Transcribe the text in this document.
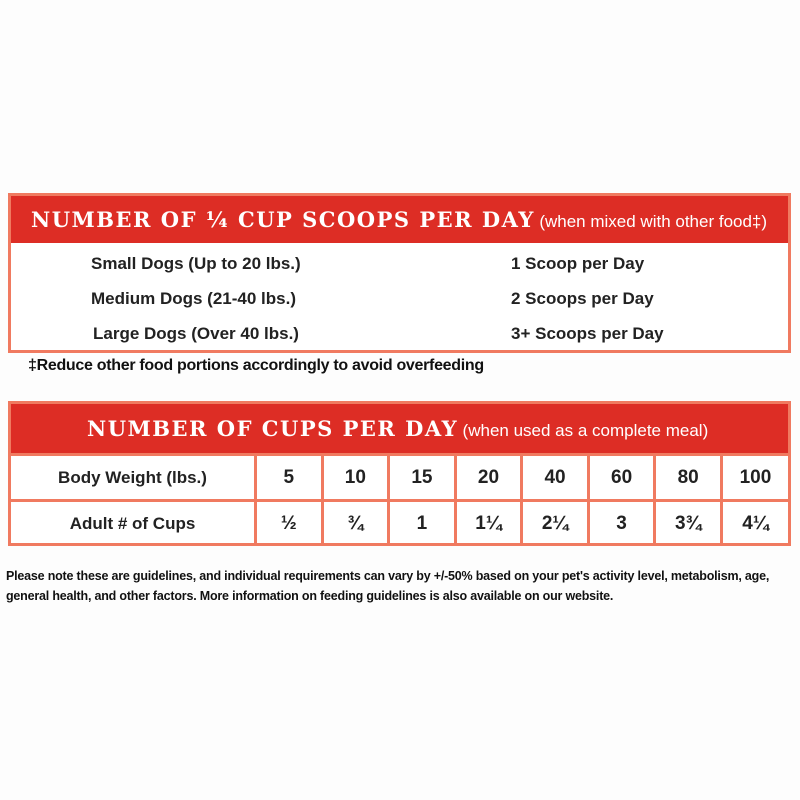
NUMBER OF ¼ CUP SCOOPS PER DAY (when mixed with other food‡)
Small Dogs (Up to 20 lbs.)	1 Scoop per Day
Medium Dogs (21-40 lbs.)	2 Scoops per Day
Large Dogs (Over 40 lbs.)	3+ Scoops per Day
‡Reduce other food portions accordingly to avoid overfeeding
NUMBER OF CUPS PER DAY (when used as a complete meal)
Body Weight (lbs.)	5	10	15	20	40	60	80	100
Adult # of Cups	½	¾	1	1¼	2¼	3	3¾	4¼
Please note these are guidelines, and individual requirements can vary by +/-50% based on your pet's activity level, metabolism, age, general health, and other factors. More information on feeding guidelines is also available on our website.
